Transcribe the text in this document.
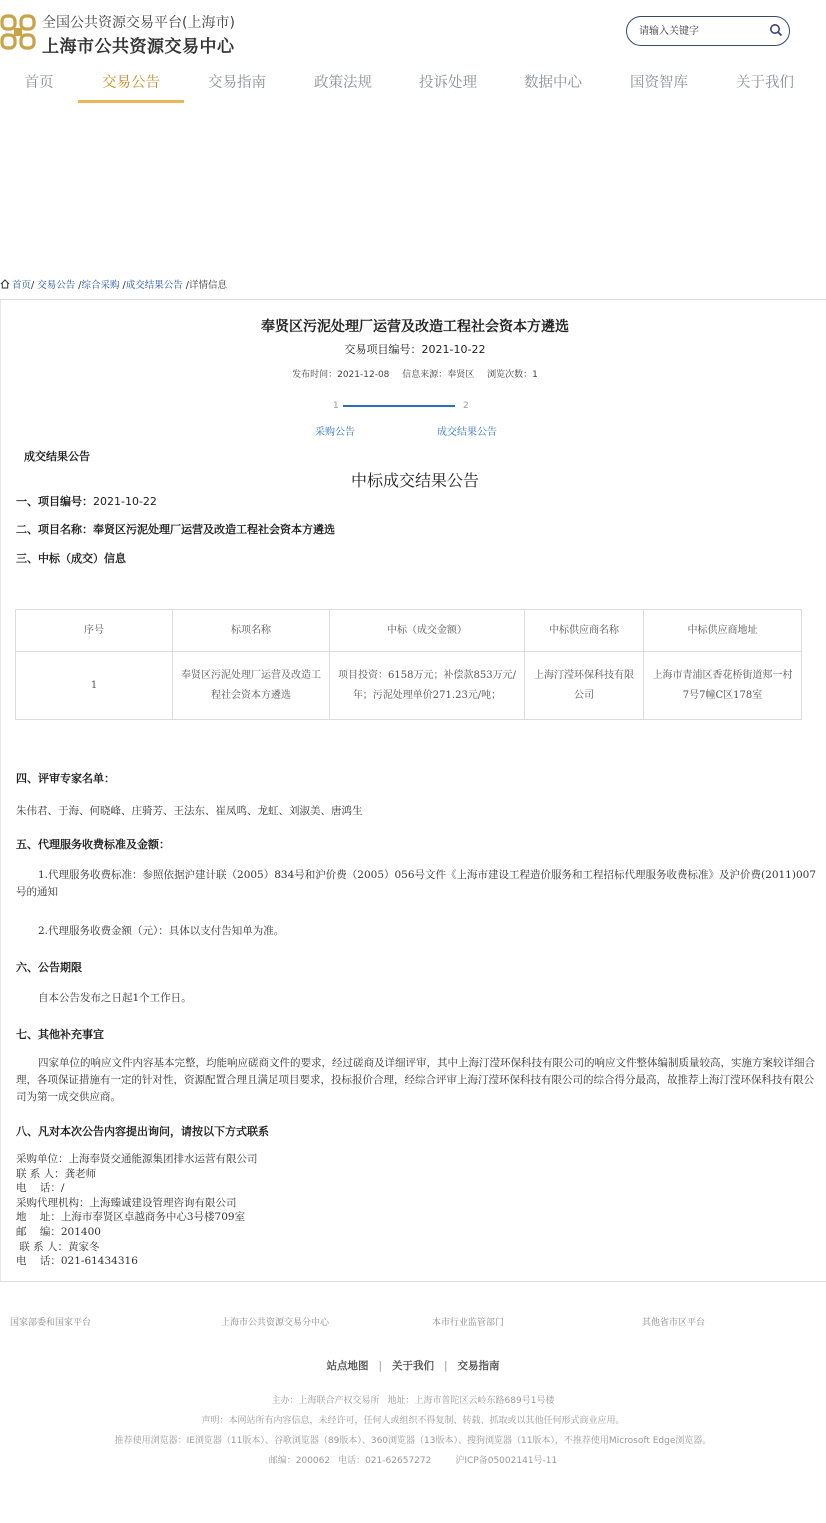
全国公共资源交易平台(上海市)
上海市公共资源交易中心
请输入关键字
首页	交易公告	交易指南	政策法规	投诉处理	数据中心	国资智库	关于我们
首页/ 交易公告 /综合采购 /成交结果公告 /详情信息
奉贤区污泥处理厂运营及改造工程社会资本方遴选
交易项目编号：2021-10-22
发布时间：2021-12-08 信息来源：奉贤区 浏览次数：1
1	2
采购公告	成交结果公告
成交结果公告
中标成交结果公告
一、项目编号：2021-10-22
二、项目名称：奉贤区污泥处理厂运营及改造工程社会资本方遴选
三、中标（成交）信息
序号	标项名称	中标（成交金额）	中标供应商名称	中标供应商地址
1	奉贤区污泥处理厂运营及改造工程社会资本方遴选	项目投资：6158万元；补偿款853万元/年；污泥处理单价271.23元/吨；	上海汀滢环保科技有限公司	上海市青浦区香花桥街道郏一村7号7幢C区178室
四、评审专家名单：
朱伟君、于海、何晓峰、庄骑芳、王法东、崔凤鸣、龙虹、刘淑美、唐鸿生
五、代理服务收费标准及金额：
1.代理服务收费标准：参照依据沪建计联（2005）834号和沪价费（2005）056号文件《上海市建设工程造价服务和工程招标代理服务收费标准》及沪价费(2011)007号的通知
2.代理服务收费金额（元）：具体以支付告知单为准。
六、公告期限
自本公告发布之日起1个工作日。
七、其他补充事宜
四家单位的响应文件内容基本完整，均能响应磋商文件的要求，经过磋商及详细评审，其中上海汀滢环保科技有限公司的响应文件整体编制质量较高，实施方案较详细合理，各项保证措施有一定的针对性，资源配置合理且满足项目要求，投标报价合理，经综合评审上海汀滢环保科技有限公司的综合得分最高，故推荐上海汀滢环保科技有限公司为第一成交供应商。
八、凡对本次公告内容提出询问，请按以下方式联系
采购单位：上海奉贤交通能源集团排水运营有限公司
联 系 人：龚老师
电    话：/
采购代理机构：上海臻诚建设管理咨询有限公司
地    址：上海市奉贤区卓越商务中心3号楼709室
邮    编：201400
联 系 人：黄家冬
电    话：021-61434316
国家部委和国家平台	上海市公共资源交易分中心	本市行业监管部门	其他省市区平台
站点地图 | 关于我们 | 交易指南
主办：上海联合产权交易所 地址：上海市普陀区云岭东路689号1号楼
声明：本网站所有内容信息，未经许可，任何人或组织不得复制、转载、抓取或以其他任何形式商业应用。
推荐使用浏览器：IE浏览器（11版本）、谷歌浏览器（89版本）、360浏览器（13版本）、搜狗浏览器（11版本），不推荐使用Microsoft Edge浏览器。
邮编：200062 电话：021-62657272	沪ICP备05002141号-11
